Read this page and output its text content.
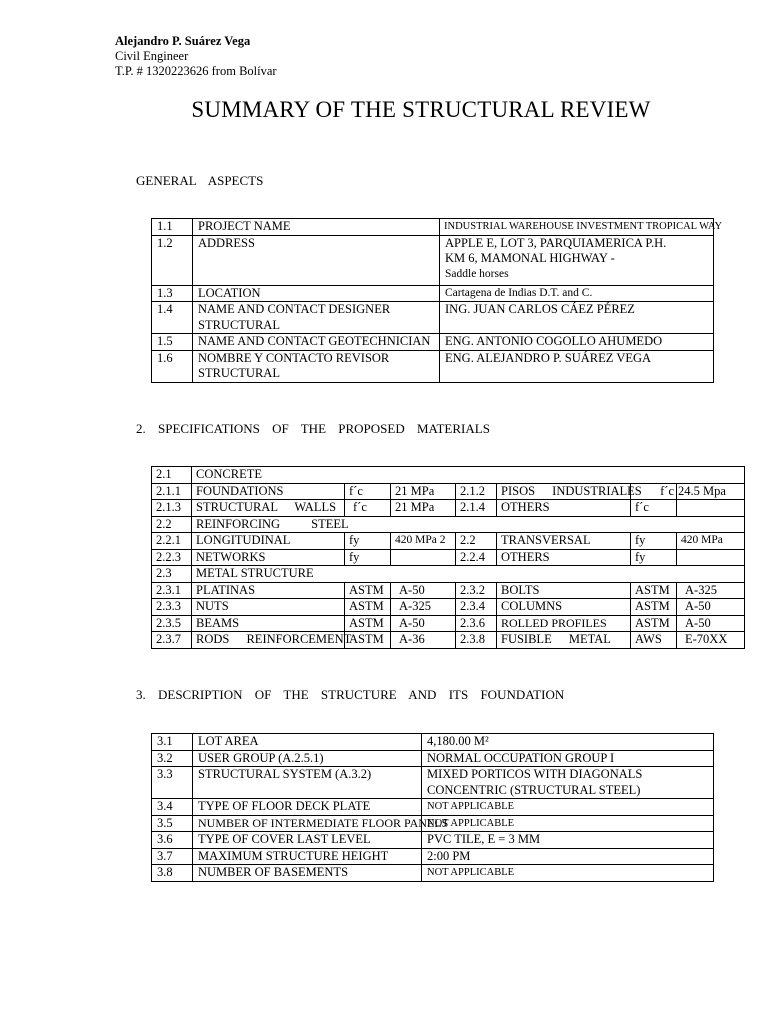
Alejandro P. Suárez Vega
Civil Engineer
T.P. # 1320223626 from Bolívar
SUMMARY OF THE STRUCTURAL REVIEW
GENERAL ASPECTS
1.1	PROJECT NAME	INDUSTRIAL WAREHOUSE INVESTMENT TROPICAL WAY
1.2	ADDRESS	APPLE E, LOT 3, PARQUIAMERICA P.H.
KM 6, MAMONAL HIGHWAY -
Saddle horses

1.3	LOCATION	Cartagena de Indias D.T. and C.
1.4	NAME AND CONTACT DESIGNER
STRUCTURAL	ING. JUAN CARLOS CÁEZ PÉREZ
1.5	NAME AND CONTACT GEOTECHNICIAN	ENG. ANTONIO COGOLLO AHUMEDO
1.6	NOMBRE Y CONTACTO REVISOR
STRUCTURAL	ENG. ALEJANDRO P. SUÁREZ VEGA
2. SPECIFICATIONS OF THE PROPOSED MATERIALS
2.1	CONCRETE						
2.1.1	FOUNDATIONS	f´c	21 MPa	2.1.2	PISOS INDUSTRIALES	f´c	24.5 Mpa
2.1.3	STRUCTURAL WALLS	f´c	21 MPa	2.1.4	OTHERS	f´c	
2.2	REINFORCING STEEL						
2.2.1	LONGITUDINAL	fy	420 MPa 2	2.2	TRANSVERSAL	fy	420 MPa
2.2.3	NETWORKS	fy		2.2.4	OTHERS	fy	
2.3	METAL STRUCTURE						
2.3.1	PLATINAS	ASTM	A-50	2.3.2	BOLTS	ASTM	A-325
2.3.3	NUTS	ASTM	A-325	2.3.4	COLUMNS	ASTM	A-50
2.3.5	BEAMS	ASTM	A-50	2.3.6	ROLLED PROFILES	ASTM	A-50
2.3.7	RODS REINFORCEMENT	ASTM	A-36	2.3.8	FUSIBLE METAL	AWS	E-70XX
3. DESCRIPTION OF THE STRUCTURE AND ITS FOUNDATION
3.1	LOT AREA	4,180.00 M²
3.2	USER GROUP (A.2.5.1)	NORMAL OCCUPATION GROUP I
3.3	STRUCTURAL SYSTEM (A.3.2)	MIXED PORTICOS WITH DIAGONALS
CONCENTRIC (STRUCTURAL STEEL)

3.4	TYPE OF FLOOR DECK PLATE	NOT APPLICABLE
3.5	NUMBER OF INTERMEDIATE FLOOR PANELS	NOT APPLICABLE
3.6	TYPE OF COVER LAST LEVEL	PVC TILE, E = 3 MM
3.7	MAXIMUM STRUCTURE HEIGHT	2:00 PM
3.8	NUMBER OF BASEMENTS	NOT APPLICABLE
